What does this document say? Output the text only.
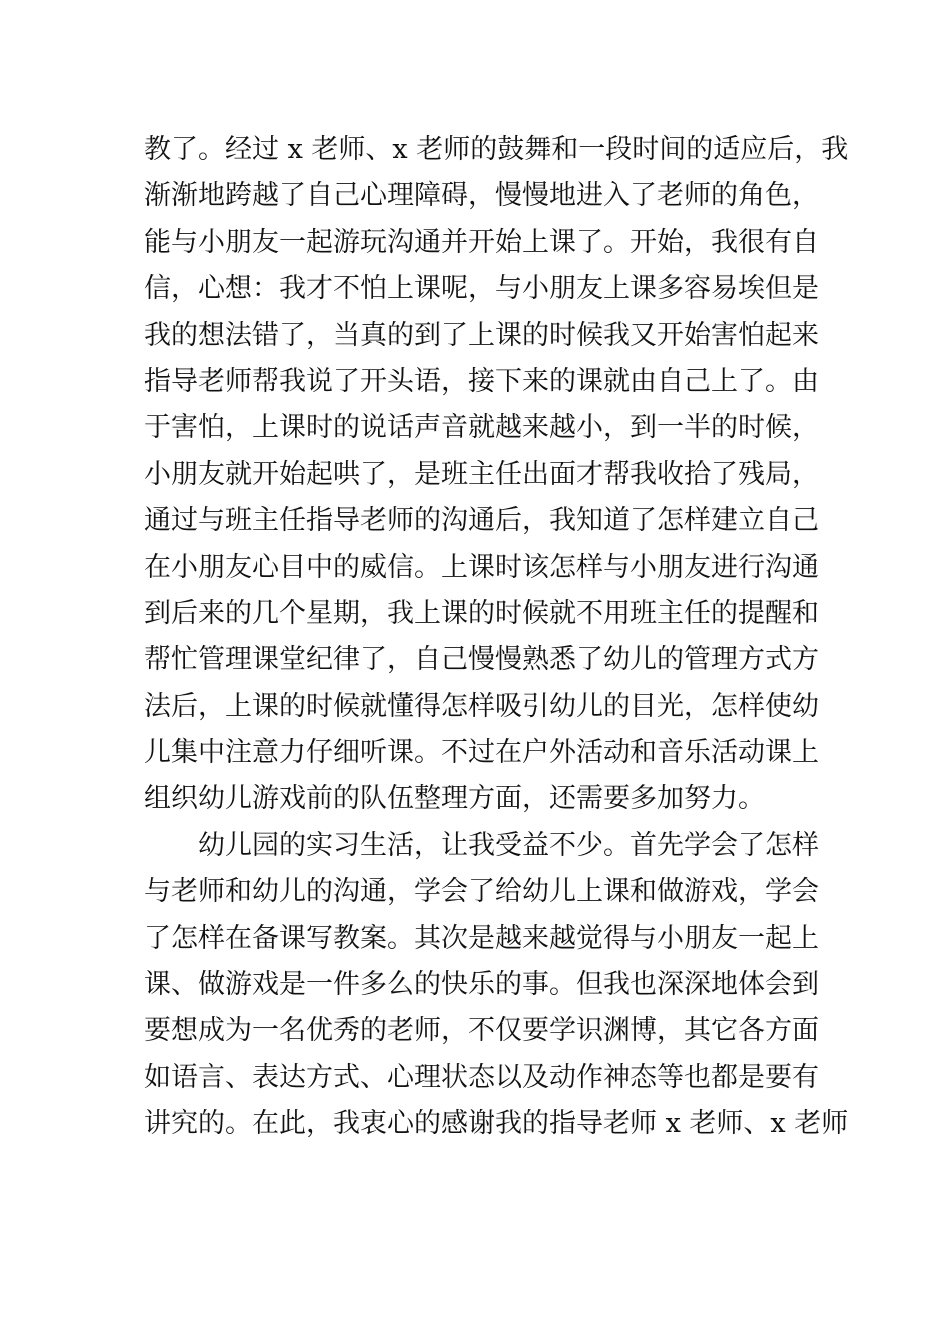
教了。经过 x 老师、x 老师的鼓舞和一段时间的适应后，我
渐渐地跨越了自己心理障碍，慢慢地进入了老师的角色，
能与小朋友一起游玩沟通并开始上课了。开始，我很有自
信，心想：我才不怕上课呢，与小朋友上课多容易埃但是
我的想法错了，当真的到了上课的时候我又开始害怕起来
指导老师帮我说了开头语，接下来的课就由自己上了。由
于害怕，上课时的说话声音就越来越小，到一半的时候，
小朋友就开始起哄了，是班主任出面才帮我收拾了残局，
通过与班主任指导老师的沟通后，我知道了怎样建立自己
在小朋友心目中的威信。上课时该怎样与小朋友进行沟通
到后来的几个星期，我上课的时候就不用班主任的提醒和
帮忙管理课堂纪律了，自己慢慢熟悉了幼儿的管理方式方
法后，上课的时候就懂得怎样吸引幼儿的目光，怎样使幼
儿集中注意力仔细听课。不过在户外活动和音乐活动课上
组织幼儿游戏前的队伍整理方面，还需要多加努力。
幼儿园的实习生活，让我受益不少。首先学会了怎样
与老师和幼儿的沟通，学会了给幼儿上课和做游戏，学会
了怎样在备课写教案。其次是越来越觉得与小朋友一起上
课、做游戏是一件多么的快乐的事。但我也深深地体会到
要想成为一名优秀的老师，不仅要学识渊博，其它各方面
如语言、表达方式、心理状态以及动作神态等也都是要有
讲究的。在此，我衷心的感谢我的指导老师 x 老师、x 老师
